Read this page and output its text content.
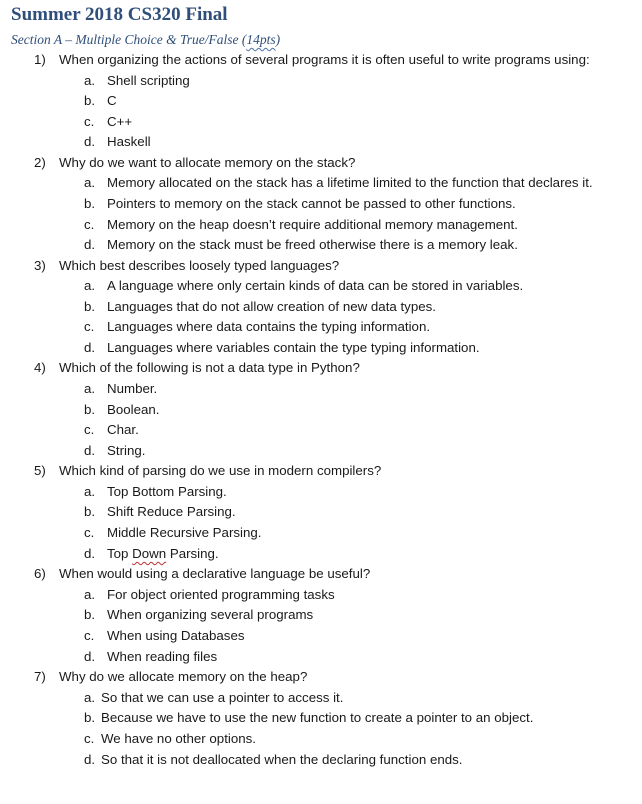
Summer 2018 CS320 Final
Section A – Multiple Choice & True/False (14pts)
1) When organizing the actions of several programs it is often useful to write programs using:
a. Shell scripting
b. C
c. C++
d. Haskell
2) Why do we want to allocate memory on the stack?
a. Memory allocated on the stack has a lifetime limited to the function that declares it.
b. Pointers to memory on the stack cannot be passed to other functions.
c. Memory on the heap doesn’t require additional memory management.
d. Memory on the stack must be freed otherwise there is a memory leak.
3) Which best describes loosely typed languages?
a. A language where only certain kinds of data can be stored in variables.
b. Languages that do not allow creation of new data types.
c. Languages where data contains the typing information.
d. Languages where variables contain the type typing information.
4) Which of the following is not a data type in Python?
a. Number.
b. Boolean.
c. Char.
d. String.
5) Which kind of parsing do we use in modern compilers?
a. Top Bottom Parsing.
b. Shift Reduce Parsing.
c. Middle Recursive Parsing.
d. Top Down Parsing.
6) When would using a declarative language be useful?
a. For object oriented programming tasks
b. When organizing several programs
c. When using Databases
d. When reading files
7) Why do we allocate memory on the heap?
a. So that we can use a pointer to access it.
b. Because we have to use the new function to create a pointer to an object.
c. We have no other options.
d. So that it is not deallocated when the declaring function ends.
